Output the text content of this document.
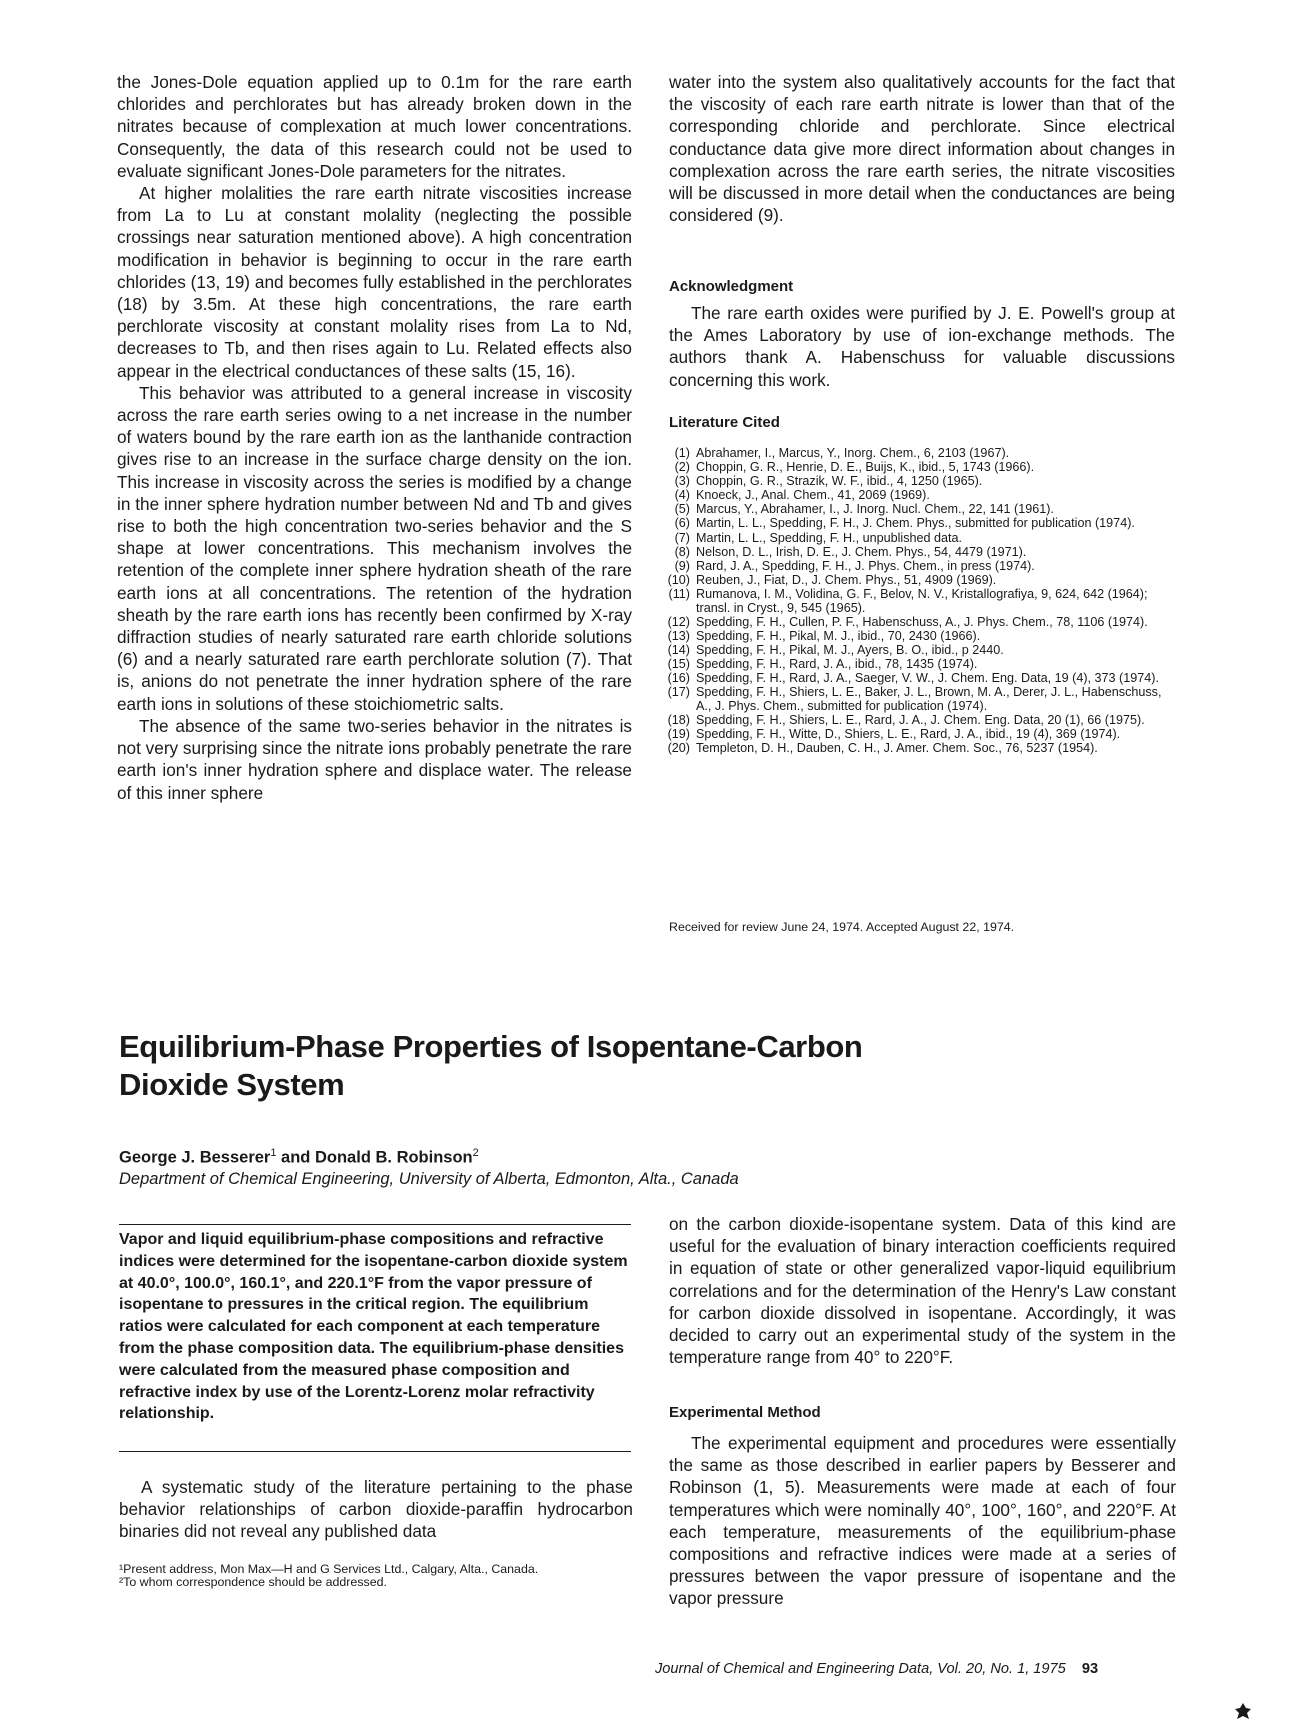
the Jones-Dole equation applied up to 0.1m for the rare earth chlorides and perchlorates but has already broken down in the nitrates because of complexation at much lower concentrations. Consequently, the data of this research could not be used to evaluate significant Jones-Dole parameters for the nitrates.

At higher molalities the rare earth nitrate viscosities increase from La to Lu at constant molality (neglecting the possible crossings near saturation mentioned above). A high concentration modification in behavior is beginning to occur in the rare earth chlorides (13, 19) and becomes fully established in the perchlorates (18) by 3.5m. At these high concentrations, the rare earth perchlorate viscosity at constant molality rises from La to Nd, decreases to Tb, and then rises again to Lu. Related effects also appear in the electrical conductances of these salts (15, 16).

This behavior was attributed to a general increase in viscosity across the rare earth series owing to a net increase in the number of waters bound by the rare earth ion as the lanthanide contraction gives rise to an increase in the surface charge density on the ion. This increase in viscosity across the series is modified by a change in the inner sphere hydration number between Nd and Tb and gives rise to both the high concentration two-series behavior and the S shape at lower concentrations. This mechanism involves the retention of the complete inner sphere hydration sheath of the rare earth ions at all concentrations. The retention of the hydration sheath by the rare earth ions has recently been confirmed by X-ray diffraction studies of nearly saturated rare earth chloride solutions (6) and a nearly saturated rare earth perchlorate solution (7). That is, anions do not penetrate the inner hydration sphere of the rare earth ions in solutions of these stoichiometric salts.

The absence of the same two-series behavior in the nitrates is not very surprising since the nitrate ions probably penetrate the rare earth ion's inner hydration sphere and displace water. The release of this inner sphere

water into the system also qualitatively accounts for the fact that the viscosity of each rare earth nitrate is lower than that of the corresponding chloride and perchlorate. Since electrical conductance data give more direct information about changes in complexation across the rare earth series, the nitrate viscosities will be discussed in more detail when the conductances are being considered (9).

Acknowledgment

The rare earth oxides were purified by J. E. Powell's group at the Ames Laboratory by use of ion-exchange methods. The authors thank A. Habenschuss for valuable discussions concerning this work.

Literature Cited
(1) Abrahamer, I., Marcus, Y., Inorg. Chem., 6, 2103 (1967).
(2) Choppin, G. R., Henrie, D. E., Buijs, K., ibid., 5, 1743 (1966).
(3) Choppin, G. R., Strazik, W. F., ibid., 4, 1250 (1965).
(4) Knoeck, J., Anal. Chem., 41, 2069 (1969).
(5) Marcus, Y., Abrahamer, I., J. Inorg. Nucl. Chem., 22, 141 (1961).
(6) Martin, L. L., Spedding, F. H., J. Chem. Phys., submitted for publication (1974).
(7) Martin, L. L., Spedding, F. H., unpublished data.
(8) Nelson, D. L., Irish, D. E., J. Chem. Phys., 54, 4479 (1971).
(9) Rard, J. A., Spedding, F. H., J. Phys. Chem., in press (1974).
(10) Reuben, J., Fiat, D., J. Chem. Phys., 51, 4909 (1969).
(11) Rumanova, I. M., Volidina, G. F., Belov, N. V., Kristallografiya, 9, 624, 642 (1964); transl. in Cryst., 9, 545 (1965).
(12) Spedding, F. H., Cullen, P. F., Habenschuss, A., J. Phys. Chem., 78, 1106 (1974).
(13) Spedding, F. H., Pikal, M. J., ibid., 70, 2430 (1966).
(14) Spedding, F. H., Pikal, M. J., Ayers, B. O., ibid., p 2440.
(15) Spedding, F. H., Rard, J. A., ibid., 78, 1435 (1974).
(16) Spedding, F. H., Rard, J. A., Saeger, V. W., J. Chem. Eng. Data, 19 (4), 373 (1974).
(17) Spedding, F. H., Shiers, L. E., Baker, J. L., Brown, M. A., Derer, J. L., Habenschuss, A., J. Phys. Chem., submitted for publication (1974).
(18) Spedding, F. H., Shiers, L. E., Rard, J. A., J. Chem. Eng. Data, 20 (1), 66 (1975).
(19) Spedding, F. H., Witte, D., Shiers, L. E., Rard, J. A., ibid., 19 (4), 369 (1974).
(20) Templeton, D. H., Dauben, C. H., J. Amer. Chem. Soc., 76, 5237 (1954).
Received for review June 24, 1974. Accepted August 22, 1974.
Equilibrium-Phase Properties of Isopentane-Carbon
Dioxide System
George J. Besserer$^1$ and Donald B. Robinson$^2$
Department of Chemical Engineering, University of Alberta, Edmonton, Alta., Canada
Vapor and liquid equilibrium-phase compositions and refractive indices were determined for the isopentane-carbon dioxide system at 40.0°, 100.0°, 160.1°, and 220.1°F from the vapor pressure of isopentane to pressures in the critical region. The equilibrium ratios were calculated for each component at each temperature from the phase composition data. The equilibrium-phase densities were calculated from the measured phase composition and refractive index by use of the Lorentz-Lorenz molar refractivity relationship.

A systematic study of the literature pertaining to the phase behavior relationships of carbon dioxide-paraffin hydrocarbon binaries did not reveal any published data

¹Present address, Mon Max—H and G Services Ltd., Calgary, Alta., Canada.
²To whom correspondence should be addressed.

on the carbon dioxide-isopentane system. Data of this kind are useful for the evaluation of binary interaction coefficients required in equation of state or other generalized vapor-liquid equilibrium correlations and for the determination of the Henry's Law constant for carbon dioxide dissolved in isopentane. Accordingly, it was decided to carry out an experimental study of the system in the temperature range from 40° to 220°F.

Experimental Method

The experimental equipment and procedures were essentially the same as those described in earlier papers by Besserer and Robinson (1, 5). Measurements were made at each of four temperatures which were nominally 40°, 100°, 160°, and 220°F. At each temperature, measurements of the equilibrium-phase compositions and refractive indices were made at a series of pressures between the vapor pressure of isopentane and the vapor pressure

Journal of Chemical and Engineering Data, Vol. 20, No. 1, 1975 93
